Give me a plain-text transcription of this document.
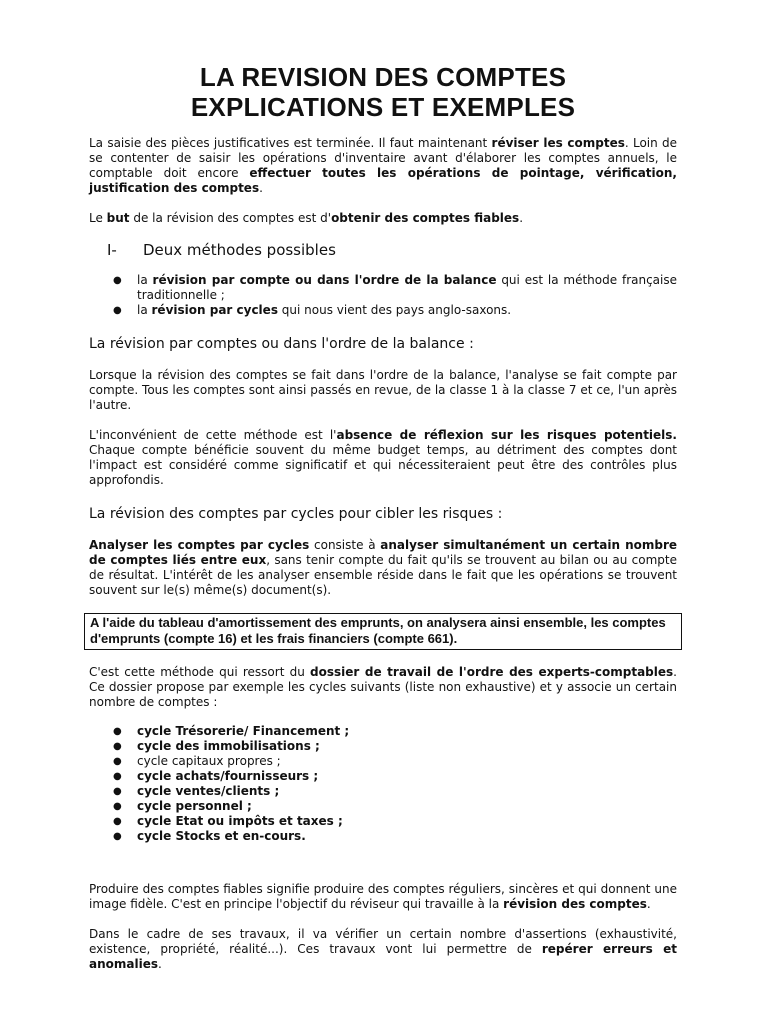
LA REVISION DES COMPTES
EXPLICATIONS ET EXEMPLES

La saisie des pièces justificatives est terminée. Il faut maintenant réviser les comptes. Loin de se contenter de saisir les opérations d'inventaire avant d'élaborer les comptes annuels, le comptable doit encore effectuer toutes les opérations de pointage, vérification, justification des comptes.

Le but de la révision des comptes est d'obtenir des comptes fiables.

I-	Deux méthodes possibles
● la révision par compte ou dans l'ordre de la balance qui est la méthode française traditionnelle ;
● la révision par cycles qui nous vient des pays anglo-saxons.
La révision par comptes ou dans l'ordre de la balance :

Lorsque la révision des comptes se fait dans l'ordre de la balance, l'analyse se fait compte par compte. Tous les comptes sont ainsi passés en revue, de la classe 1 à la classe 7 et ce, l'un après l'autre.

L'inconvénient de cette méthode est l'absence de réflexion sur les risques potentiels. Chaque compte bénéficie souvent du même budget temps, au détriment des comptes dont l'impact est considéré comme significatif et qui nécessiteraient peut être des contrôles plus approfondis.

La révision des comptes par cycles pour cibler les risques :

Analyser les comptes par cycles consiste à analyser simultanément un certain nombre de comptes liés entre eux, sans tenir compte du fait qu'ils se trouvent au bilan ou au compte de résultat. L'intérêt de les analyser ensemble réside dans le fait que les opérations se trouvent souvent sur le(s) même(s) document(s).

A l'aide du tableau d'amortissement des emprunts, on analysera ainsi ensemble, les comptes d'emprunts (compte 16) et les frais financiers (compte 661).

C'est cette méthode qui ressort du dossier de travail de l'ordre des experts-comptables. Ce dossier propose par exemple les cycles suivants (liste non exhaustive) et y associe un certain nombre de comptes :

● cycle Trésorerie/ Financement ;
● cycle des immobilisations ;
● cycle capitaux propres ;
● cycle achats/fournisseurs ;
● cycle ventes/clients ;
● cycle personnel ;
● cycle Etat ou impôts et taxes ;
● cycle Stocks et en-cours.

Produire des comptes fiables signifie produire des comptes réguliers, sincères et qui donnent une image fidèle. C'est en principe l'objectif du réviseur qui travaille à la révision des comptes.

Dans le cadre de ses travaux, il va vérifier un certain nombre d'assertions (exhaustivité, existence, propriété, réalité...). Ces travaux vont lui permettre de repérer erreurs et anomalies.
